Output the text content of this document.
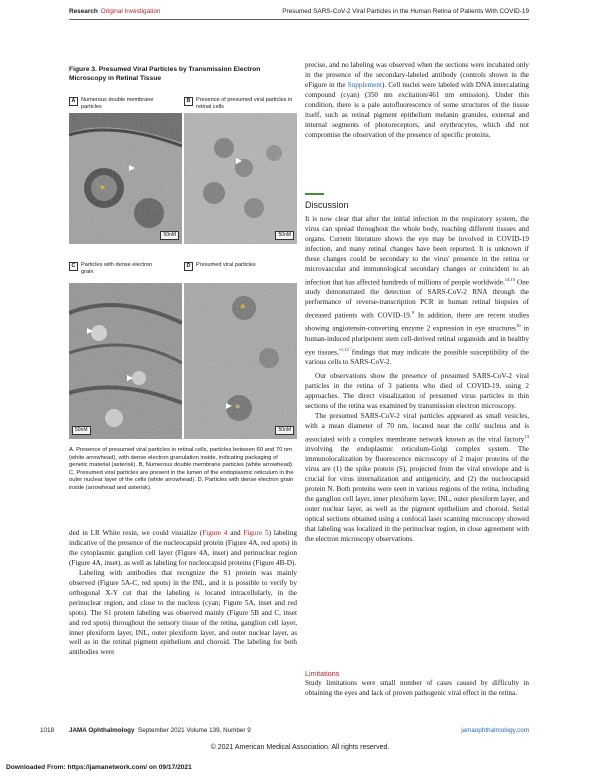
Research Original Investigation	Presumed SARS-CoV-2 Viral Particles in the Human Retina of Patients With COVID-19
Figure 3. Presumed Viral Particles by Transmission Electron Microscopy in Retinal Tissue
A Numerous double membrane particles
*
50nM
B Presence of presumed viral particles in retinal cells
50nM
C Particles with dense electron grain
50nM
D Presumed viral particles
*
*
50nM
A. Presence of presumed viral particles in retinal cells, particles between 60 and 70 nm (white arrowhead), with dense electron granulation inside, indicating packaging of genetic material (asterisk). B, Numerous double membrane particles (white arrowhead). C, Presumed viral particles are present in the lumen of the endoplasmic reticulum in the outer nuclear layer of the cells (white arrowhead). D, Particles with dense electron grain inside (arrowhead and asterisk).

ded in LR White resin, we could visualize (Figure 4 and Figure 5) labeling indicative of the presence of the nucleocapsid protein (Figure 4A, red spots) in the cytoplasmic ganglion cell layer (Figure 4A, inset) and perinuclear region (Figure 4A, inset), as well as labeling for nucleocapsid proteins (Figure 4B-D).

Labeling with antibodies that recognize the S1 protein was mainly observed (Figure 5A-C, red spots) in the INL, and it is possible to verify by orthogonal X-Y cut that the labeling is located intracellularly, in the perinuclear region, and close to the nucleus (cyan; Figure 5A, inset and red spots). The S1 protein labeling was observed mainly (Figure 5B and C, inset and red spots) throughout the sensory tissue of the retina, ganglion cell layer, inner plexiform layer, INL, outer plexiform layer, and outer nuclear layer, as well as in the retinal pigment epithelium and choroid. The labeling for both antibodies were

precise, and no labeling was observed when the sections were incubated only in the presence of the secondary-labeled antibody (controls shown in the eFigure in the Supplement). Cell nuclei were labeled with DNA intercalating compound (cyan) (350 nm excitation/461 nm emission). Under this condition, there is a pale autofluorescence of some structures of the tissue itself, such as retinal pigment epithelium melanin granules, external and internal segments of photoreceptors, and erythrocytes, which did not compromise the observation of the presence of specific proteins.

Discussion

It is now clear that after the initial infection in the respiratory system, the virus can spread throughout the whole body, reaching different tissues and organs. Current literature shows the eye may be involved in COVID-19 infection, and many retinal changes have been reported. It is unknown if these changes could be secondary to the virus' presence in the retina or microvascular and immunological secondary changes or coincident to an infection that has affected hundreds of millions of people worldwide.$^{14,15}$ One study demonstrated the detection of SARS-CoV-2 RNA through the performance of reverse-transcription PCR in human retinal biopsies of deceased patients with COVID-19.$^9$ In addition, there are recent studies showing angiotensin-converting enzyme 2 expression in eye structures$^{10}$ in human-induced pluripotent stem cell-derived retinal organoids and in healthy eye tissues,$^{11,12}$ findings that may indicate the possible susceptibility of the various cells to SARS-CoV-2.

Our observations show the presence of presumed SARS-CoV-2 viral particles in the retina of 3 patients who died of COVID-19, using 2 approaches. The direct visualization of presumed virus particles in thin sections of the retina was examined by transmission electron microscopy.

The presumed SARS-CoV-2 viral particles appeared as small vesicles, with a mean diameter of 70 nm, located near the cells' nucleus and is associated with a complex membrane network known as the viral factory$^{13}$ involving the endoplasmic reticulum-Golgi complex system. The immunolocalization by fluorescence microscopy of 2 major proteins of the virus are (1) the spike protein (S), projected from the viral envelope and is crucial for virus internalization and antigenicity, and (2) the nucleocapsid protein N. Both proteins were seen in various regions of the retina, including the ganglion cell layer, inner plexiform layer, INL, outer plexiform layer, and outer nuclear layer, as well as the pigment epithelium and choroid. Serial optical sections obtained using a confocal laser scanning microscopy showed that labeling was localized in the perinuclear region, in close agreement with the electron microscopy observations.

Limitations

Study limitations were small number of cases caused by difficulty in obtaining the eyes and lack of proven pathogenic viral effect in the retina.

1018 JAMA Ophthalmology September 2021 Volume 139, Number 9	jamaophthalmology.com
© 2021 American Medical Association. All rights reserved.
Downloaded From: https://jamanetwork.com/ on 09/17/2021
